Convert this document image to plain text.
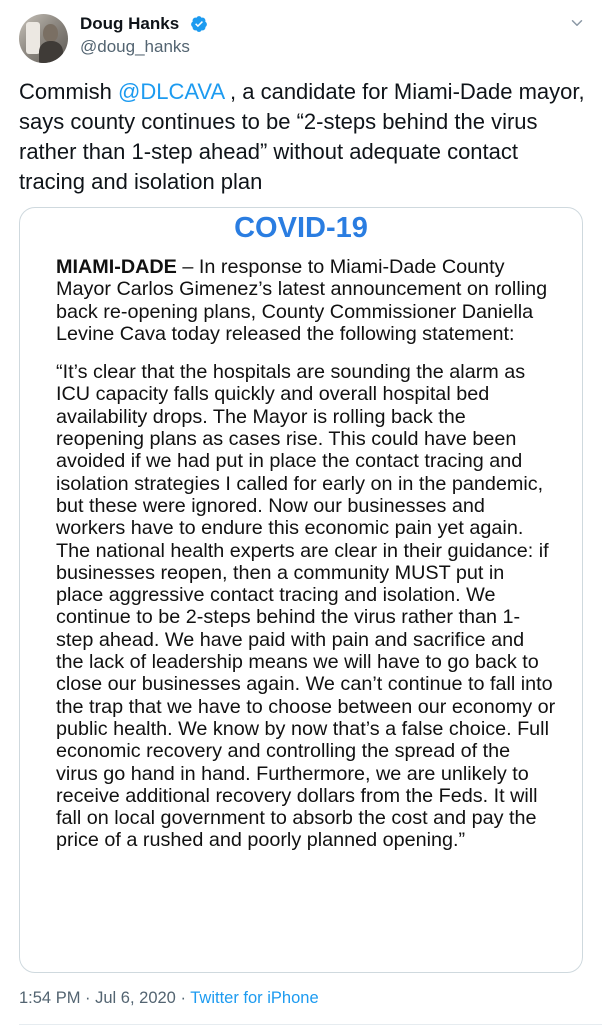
Doug Hanks
@doug_hanks
Commish @DLCAVA , a candidate for Miami-Dade mayor, says county continues to be “2-steps behind the virus rather than 1-step ahead” without adequate contact tracing and isolation plan
COVID-19

MIAMI-DADE – In response to Miami-Dade County Mayor Carlos Gimenez’s latest announcement on rolling back re-opening plans, County Commissioner Daniella Levine Cava today released the following statement:

“It’s clear that the hospitals are sounding the alarm as ICU capacity falls quickly and overall hospital bed availability drops. The Mayor is rolling back the reopening plans as cases rise. This could have been avoided if we had put in place the contact tracing and isolation strategies I called for early on in the pandemic, but these were ignored. Now our businesses and workers have to endure this economic pain yet again. The national health experts are clear in their guidance: if businesses reopen, then a community MUST put in place aggressive contact tracing and isolation. We continue to be 2-steps behind the virus rather than 1-step ahead. We have paid with pain and sacrifice and the lack of leadership means we will have to go back to close our businesses again. We can’t continue to fall into the trap that we have to choose between our economy or public health. We know by now that’s a false choice. Full economic recovery and controlling the spread of the virus go hand in hand. Furthermore, we are unlikely to receive additional recovery dollars from the Feds. It will fall on local government to absorb the cost and pay the price of a rushed and poorly planned opening.”

1:54 PM · Jul 6, 2020 · Twitter for iPhone
